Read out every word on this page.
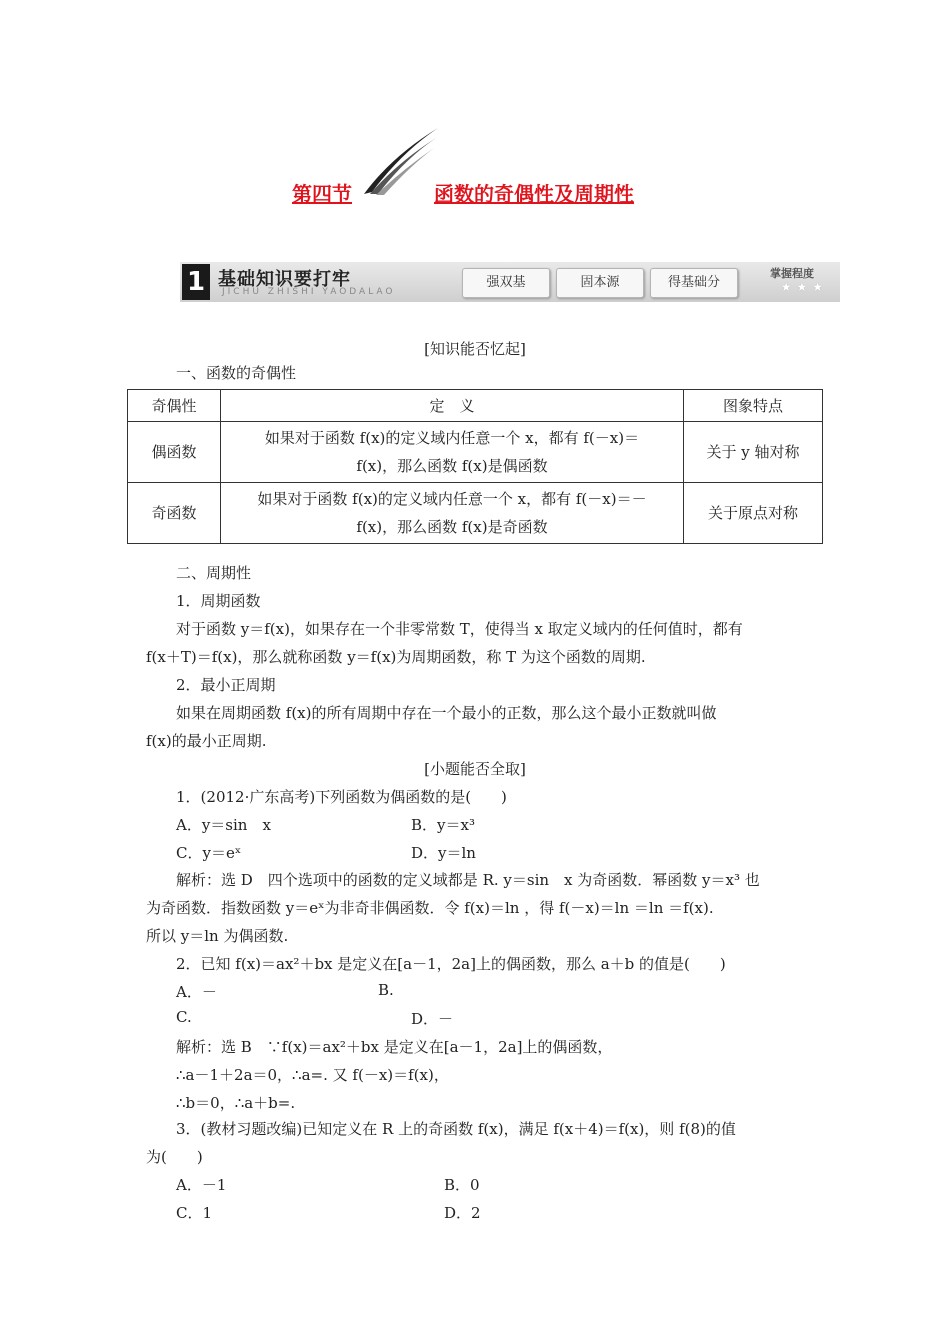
第四节	函数的奇偶性及周期性
1 基础知识要打牢
JICHU ZHISHI YAODALAO
强双基	固本源	得基础分
掌握程度
★★★
[知识能否忆起]
一、函数的奇偶性
奇偶性	定　义	图象特点
偶函数	如果对于函数 f(x)的定义域内任意一个 x，都有 f(－x)＝
f(x)，那么函数 f(x)是偶函数	关于 y 轴对称
奇函数	如果对于函数 f(x)的定义域内任意一个 x，都有 f(－x)＝－
f(x)，那么函数 f(x)是奇函数	关于原点对称
二、周期性
1．周期函数
对于函数 y＝f(x)，如果存在一个非零常数 T，使得当 x 取定义域内的任何值时，都有
f(x＋T)＝f(x)，那么就称函数 y＝f(x)为周期函数，称 T 为这个函数的周期.
2．最小正周期
如果在周期函数 f(x)的所有周期中存在一个最小的正数，那么这个最小正数就叫做
f(x)的最小正周期.
[小题能否全取]
1．(2012·广东高考)下列函数为偶函数的是(　　)
A．y＝sin　x	B．y＝x³
C．y＝eˣ	D．y＝ln
解析：选 D　四个选项中的函数的定义域都是 R. y＝sin　x 为奇函数．幂函数 y＝x³ 也
为奇函数．指数函数 y＝eˣ为非奇非偶函数．令 f(x)＝ln ，得 f(－x)＝ln ＝ln ＝f(x).
所以 y＝ln 为偶函数.
2．已知 f(x)＝ax²＋bx 是定义在[a－1，2a]上的偶函数，那么 a＋b 的值是(　　)
A．－	B.
C.	D．－
解析：选 B　∵f(x)＝ax²＋bx 是定义在[a－1，2a]上的偶函数，
∴a－1＋2a＝0，∴a=. 又 f(－x)＝f(x)，
∴b＝0，∴a＋b=.
3．(教材习题改编)已知定义在 R 上的奇函数 f(x)，满足 f(x＋4)＝f(x)，则 f(8)的值
为(　　)
A．－1	B．0
C．1	D．2
